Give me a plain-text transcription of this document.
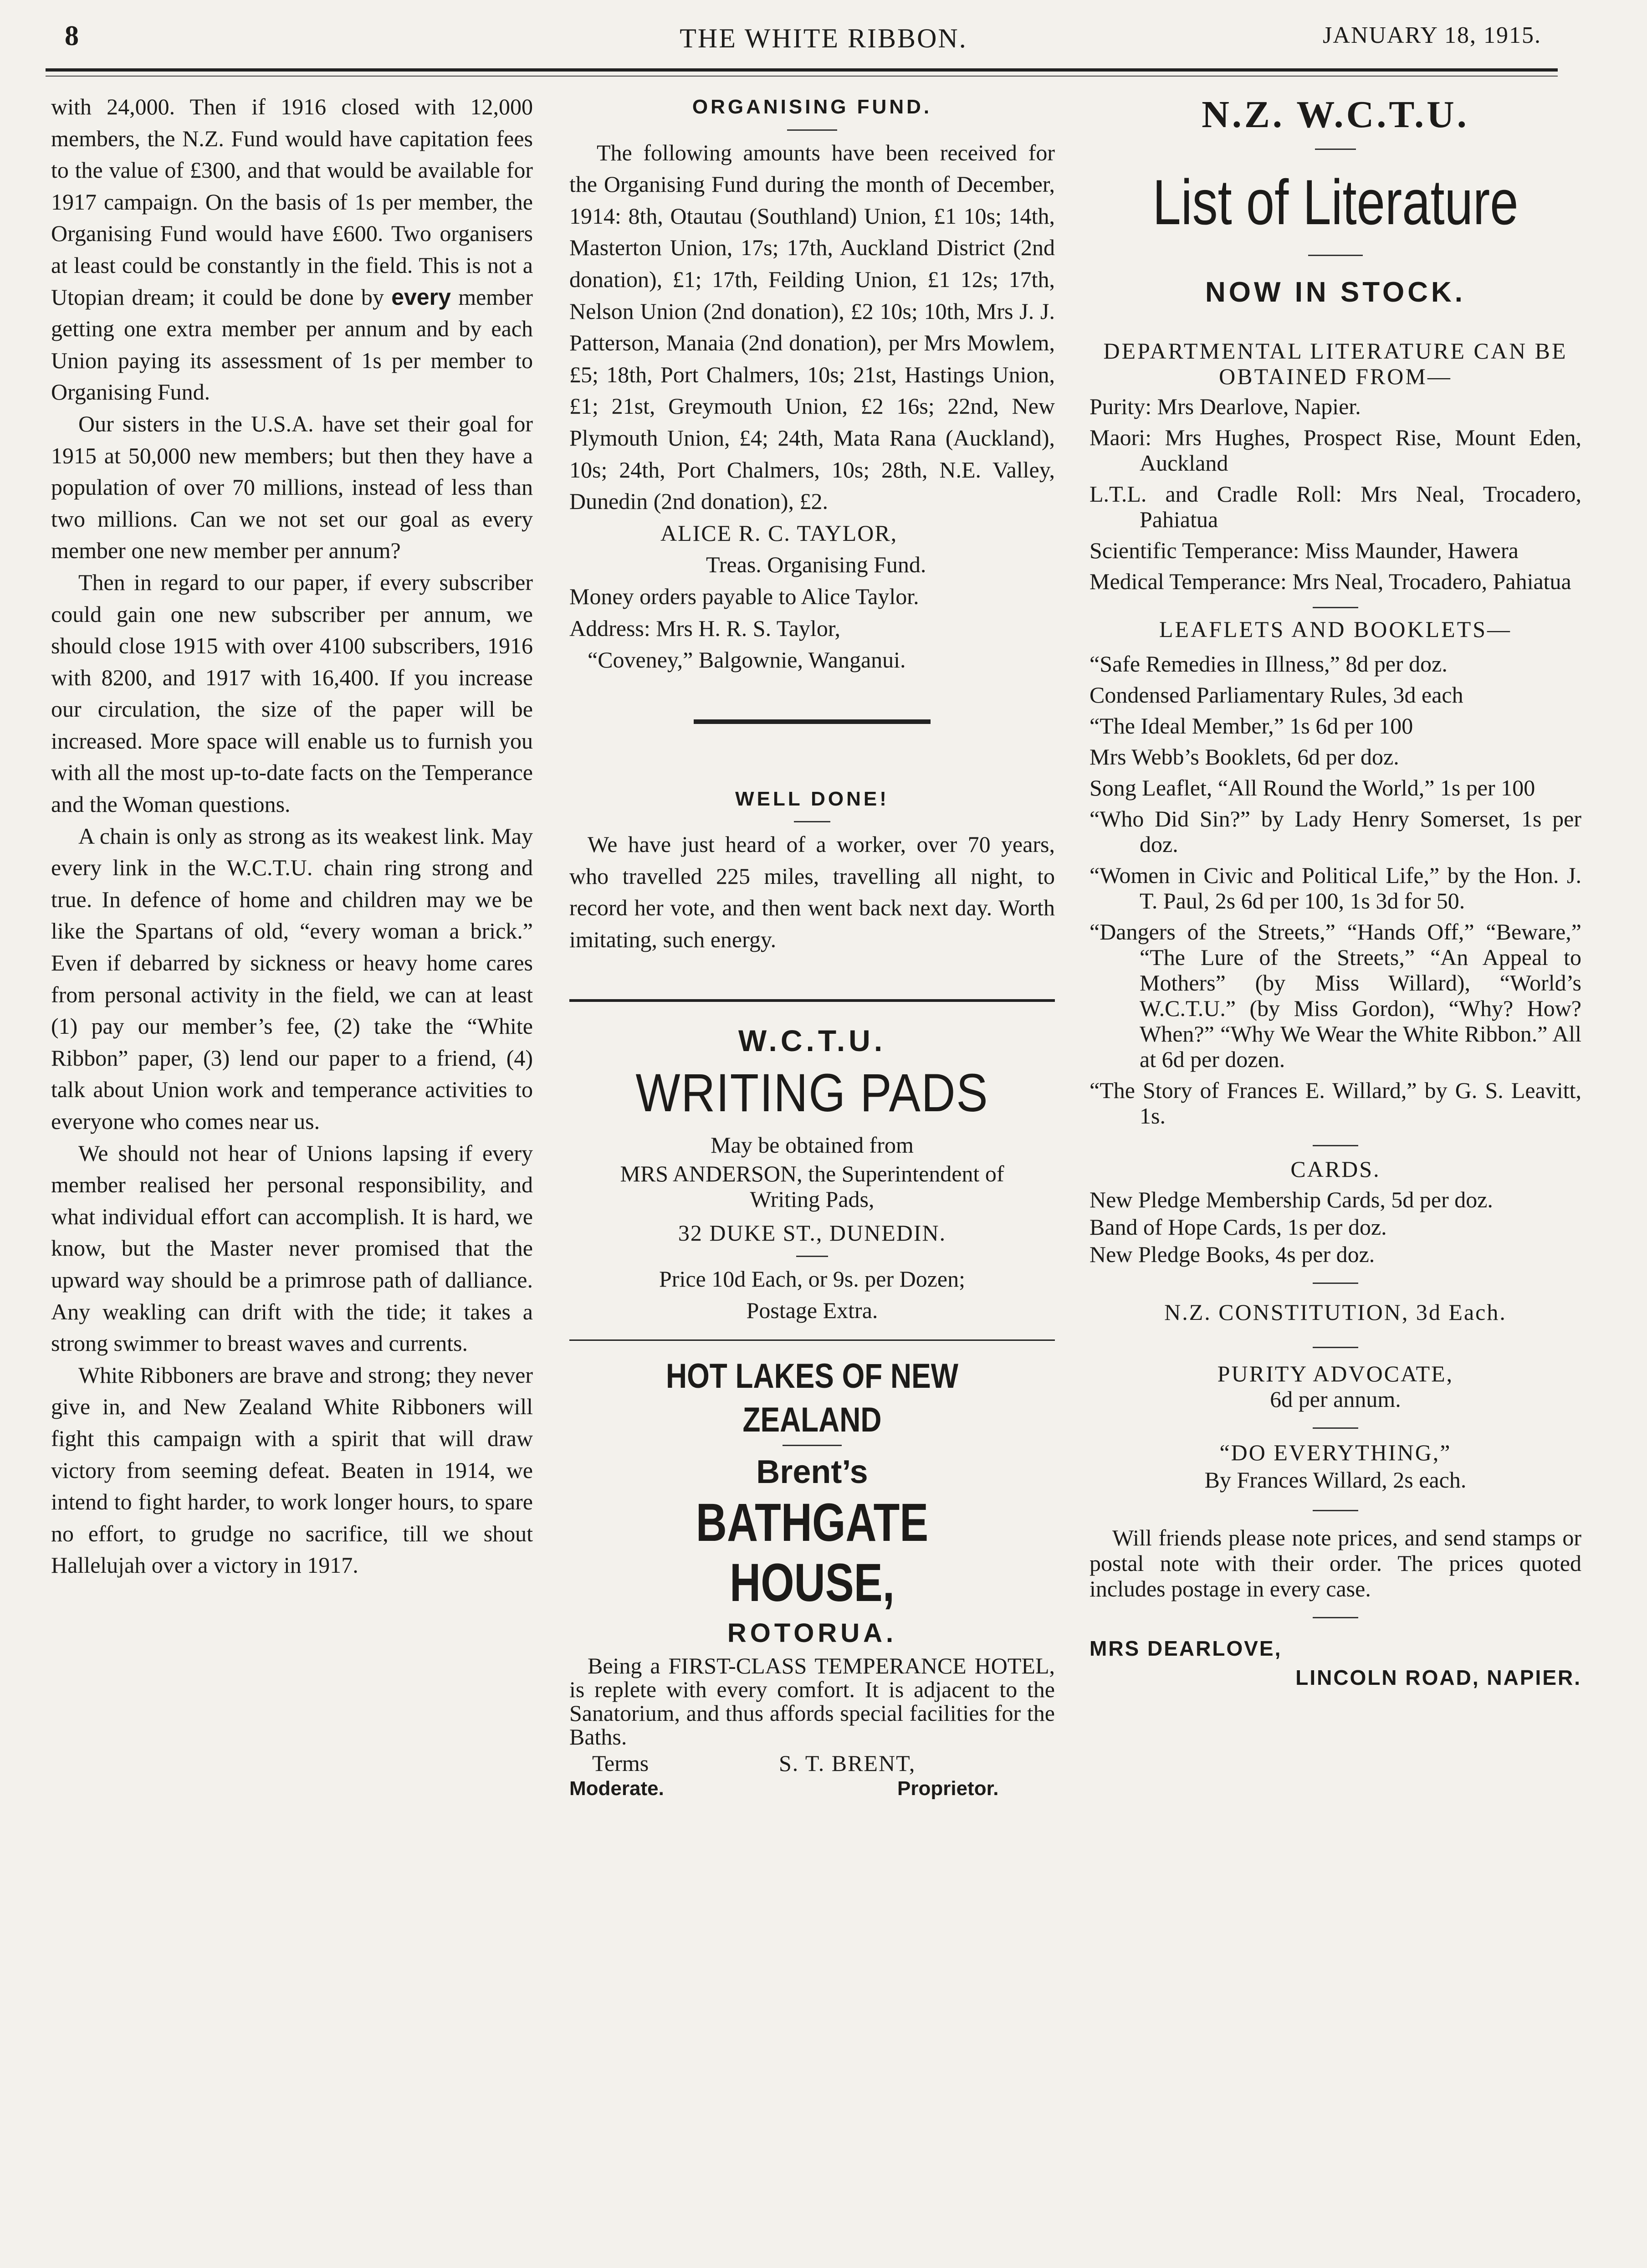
8	THE WHITE RIBBON.	JANUARY 18, 1915.

with 24,000. Then if 1916 closed with 12,000 members, the N.Z. Fund would have capitation fees to the value of £300, and that would be available for 1917 campaign. On the basis of 1s per member, the Organising Fund would have £600. Two organisers at least could be constantly in the field. This is not a Utopian dream; it could be done by every member getting one extra member per annum and by each Union paying its assessment of 1s per member to Organising Fund.

Our sisters in the U.S.A. have set their goal for 1915 at 50,000 new members; but then they have a population of over 70 millions, instead of less than two millions. Can we not set our goal as every member one new member per annum?

Then in regard to our paper, if every subscriber could gain one new subscriber per annum, we should close 1915 with over 4100 subscribers, 1916 with 8200, and 1917 with 16,400. If you increase our circulation, the size of the paper will be increased. More space will enable us to furnish you with all the most up-to-date facts on the Temperance and the Woman questions.

A chain is only as strong as its weakest link. May every link in the W.C.T.U. chain ring strong and true. In defence of home and children may we be like the Spartans of old, “every woman a brick.” Even if debarred by sickness or heavy home cares from personal activity in the field, we can at least (1) pay our member’s fee, (2) take the “White Ribbon” paper, (3) lend our paper to a friend, (4) talk about Union work and temperance activities to everyone who comes near us.

We should not hear of Unions lapsing if every member realised her personal responsibility, and what individual effort can accomplish. It is hard, we know, but the Master never promised that the upward way should be a primrose path of dalliance. Any weakling can drift with the tide; it takes a strong swimmer to breast waves and currents.

White Ribboners are brave and strong; they never give in, and New Zealand White Ribboners will fight this campaign with a spirit that will draw victory from seeming defeat. Beaten in 1914, we intend to fight harder, to work longer hours, to spare no effort, to grudge no sacrifice, till we shout Hallelujah over a victory in 1917.

ORGANISING FUND.

The following amounts have been received for the Organising Fund during the month of December, 1914: 8th, Otautau (Southland) Union, £1 10s; 14th, Masterton Union, 17s; 17th, Auckland District (2nd donation), £1; 17th, Feilding Union, £1 12s; 17th, Nelson Union (2nd donation), £2 10s; 10th, Mrs J. J. Patterson, Manaia (2nd donation), per Mrs Mowlem, £5; 18th, Port Chalmers, 10s; 21st, Hastings Union, £1; 21st, Greymouth Union, £2 16s; 22nd, New Plymouth Union, £4; 24th, Mata Rana (Auckland), 10s; 24th, Port Chalmers, 10s; 28th, N.E. Valley, Dunedin (2nd donation), £2.

ALICE R. C. TAYLOR,
Treas. Organising Fund.

Money orders payable to Alice Taylor.

Address: Mrs H. R. S. Taylor,
“Coveney,” Balgownie, Wanganui.
WELL DONE!

We have just heard of a worker, over 70 years, who travelled 225 miles, travelling all night, to record her vote, and then went back next day. Worth imitating, such energy.

W.C.T.U.
WRITING PADS
May be obtained from
MRS ANDERSON, the Superintendent of Writing Pads,
32 DUKE ST., DUNEDIN.
Price 10d Each, or 9s. per Dozen;
Postage Extra.
HOT LAKES OF NEW ZEALAND
Brent’s
BATHGATE HOUSE,
ROTORUA.

Being a FIRST-CLASS TEMPERANCE HOTEL, is replete with every comfort. It is adjacent to the Sanatorium, and thus affords special facilities for the Baths.

Terms
Moderate.
S. T. BRENT,
Proprietor.
N.Z. W.C.T.U.
List of Literature
NOW IN STOCK.
DEPARTMENTAL LITERATURE CAN BE OBTAINED FROM—

Purity: Mrs Dearlove, Napier.

Maori: Mrs Hughes, Prospect Rise, Mount Eden, Auckland

L.T.L. and Cradle Roll: Mrs Neal, Trocadero, Pahiatua

Scientific Temperance: Miss Maunder, Hawera

Medical Temperance: Mrs Neal, Trocadero, Pahiatua

LEAFLETS AND BOOKLETS—

“Safe Remedies in Illness,” 8d per doz.

Condensed Parliamentary Rules, 3d each

“The Ideal Member,” 1s 6d per 100

Mrs Webb’s Booklets, 6d per doz.

Song Leaflet, “All Round the World,” 1s per 100

“Who Did Sin?” by Lady Henry Somerset, 1s per doz.

“Women in Civic and Political Life,” by the Hon. J. T. Paul, 2s 6d per 100, 1s 3d for 50.

“Dangers of the Streets,” “Hands Off,” “Beware,” “The Lure of the Streets,” “An Appeal to Mothers” (by Miss Willard), “World’s W.C.T.U.” (by Miss Gordon), “Why? How? When?” “Why We Wear the White Ribbon.” All at 6d per dozen.

“The Story of Frances E. Willard,” by G. S. Leavitt, 1s.

CARDS.

New Pledge Membership Cards, 5d per doz.

Band of Hope Cards, 1s per doz.

New Pledge Books, 4s per doz.

N.Z. CONSTITUTION, 3d Each.
PURITY ADVOCATE,
6d per annum.
“DO EVERYTHING,”
By Frances Willard, 2s each.

Will friends please note prices, and send stamps or postal note with their order. The prices quoted includes postage in every case.

MRS DEARLOVE,
LINCOLN ROAD, NAPIER.
